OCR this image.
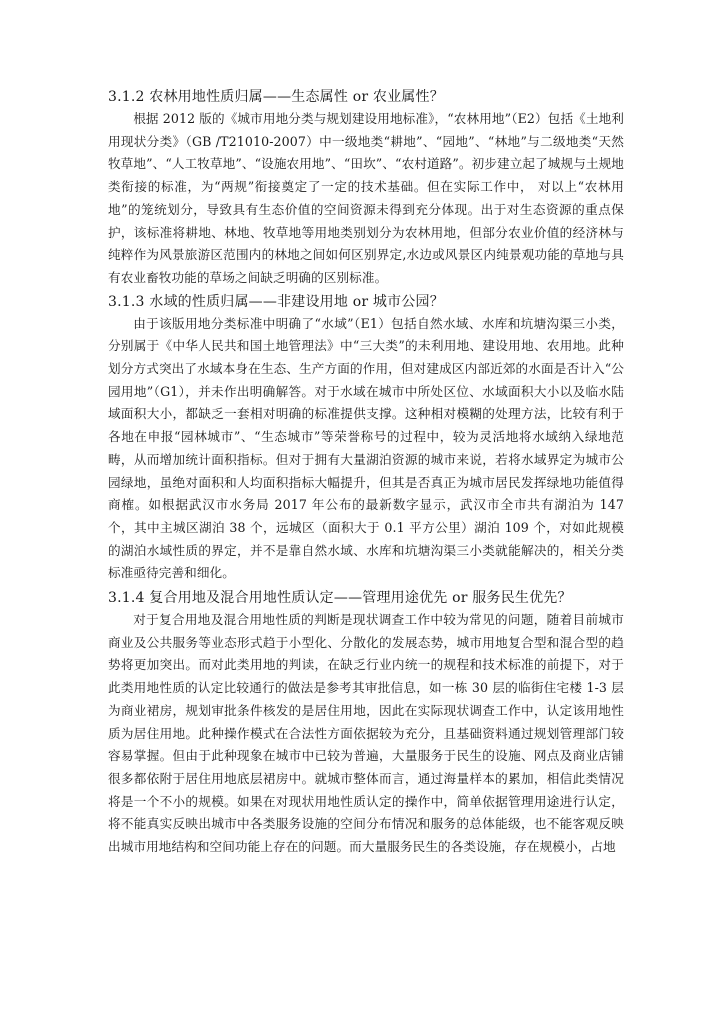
3.1.2 农林用地性质归属——生态属性 or 农业属性？

根据 2012 版的《城市用地分类与规划建设用地标准》，“农林用地”（E2）包括《土地利用现状分类》（GB /T21010-2007）中一级地类“耕地”、“园地”、“林地”与二级地类“天然牧草地”、“人工牧草地”、“设施农用地”、“田坎”、“农村道路”。初步建立起了城规与土规地类衔接的标准，为“两规”衔接奠定了一定的技术基础。但在实际工作中， 对以上“农林用地”的笼统划分，导致具有生态价值的空间资源未得到充分体现。出于对生态资源的重点保护，该标准将耕地、林地、牧草地等用地类别划分为农林用地，但部分农业价值的经济林与纯粹作为风景旅游区范围内的林地之间如何区别界定,水边或风景区内纯景观功能的草地与具有农业畜牧功能的草场之间缺乏明确的区别标准。

3.1.3 水域的性质归属——非建设用地 or 城市公园？

由于该版用地分类标准中明确了“水域”（E1）包括自然水域、水库和坑塘沟渠三小类，分别属于《中华人民共和国土地管理法》中“三大类”的未利用地、建设用地、农用地。此种划分方式突出了水域本身在生态、生产方面的作用，但对建成区内部近郊的水面是否计入“公园用地”（G1），并未作出明确解答。对于水域在城市中所处区位、水域面积大小以及临水陆域面积大小，都缺乏一套相对明确的标准提供支撑。这种相对模糊的处理方法，比较有利于各地在申报“园林城市”、“生态城市”等荣誉称号的过程中，较为灵活地将水域纳入绿地范畴，从而增加统计面积指标。但对于拥有大量湖泊资源的城市来说，若将水域界定为城市公园绿地，虽绝对面积和人均面积指标大幅提升，但其是否真正为城市居民发挥绿地功能值得商榷。如根据武汉市水务局 2017 年公布的最新数字显示，武汉市全市共有湖泊为 147 个，其中主城区湖泊 38 个，远城区（面积大于 0.1 平方公里）湖泊 109 个，对如此规模的湖泊水域性质的界定，并不是靠自然水域、水库和坑塘沟渠三小类就能解决的，相关分类标准亟待完善和细化。

3.1.4 复合用地及混合用地性质认定——管理用途优先 or 服务民生优先？

对于复合用地及混合用地性质的判断是现状调查工作中较为常见的问题，随着目前城市商业及公共服务等业态形式趋于小型化、分散化的发展态势，城市用地复合型和混合型的趋势将更加突出。而对此类用地的判读，在缺乏行业内统一的规程和技术标准的前提下，对于此类用地性质的认定比较通行的做法是参考其审批信息，如一栋 30 层的临街住宅楼 1-3 层为商业裙房，规划审批条件核发的是居住用地，因此在实际现状调查工作中，认定该用地性质为居住用地。此种操作模式在合法性方面依据较为充分，且基础资料通过规划管理部门较容易掌握。但由于此种现象在城市中已较为普遍，大量服务于民生的设施、网点及商业店铺很多都依附于居住用地底层裙房中。就城市整体而言，通过海量样本的累加，相信此类情况将是一个不小的规模。如果在对现状用地性质认定的操作中，简单依据管理用途进行认定，将不能真实反映出城市中各类服务设施的空间分布情况和服务的总体能级，也不能客观反映出城市用地结构和空间功能上存在的问题。而大量服务民生的各类设施，存在规模小，占地
